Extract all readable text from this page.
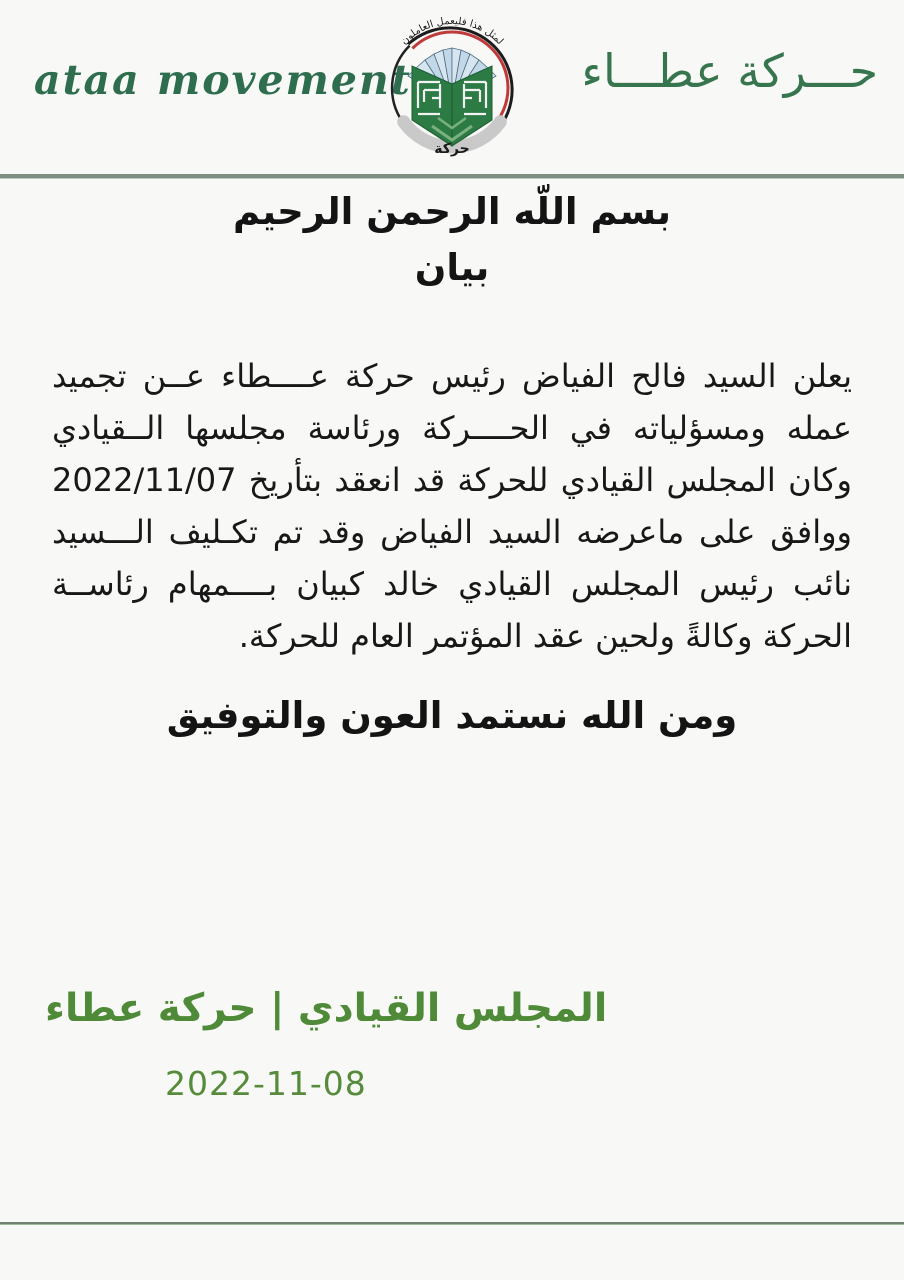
ataa movement
لمثل هذا فليعمل العاملون
حركة
حـــركة عطـــاء
بسم اللّه الرحمن الرحيم
بيان
يعلن السيد فالح الفياض رئيس حركة عــــطاء عــن تجميد
عمله ومسؤلياته في الحــــركة ورئاسة مجلسها الــقيادي
وكان المجلس القيادي للحركة قد انعقد بتأريخ 2022/11/07
ووافق على ماعرضه السيد الفياض وقد تم تكـليف الـــسيد
نائب رئيس المجلس القيادي خالد كبيان بــــمهام رئاســة
الحركة وكالةً ولحين عقد المؤتمر العام للحركة.
ومن الله نستمد العون والتوفيق
المجلس القيادي | حركة عطاء
2022-11-08
